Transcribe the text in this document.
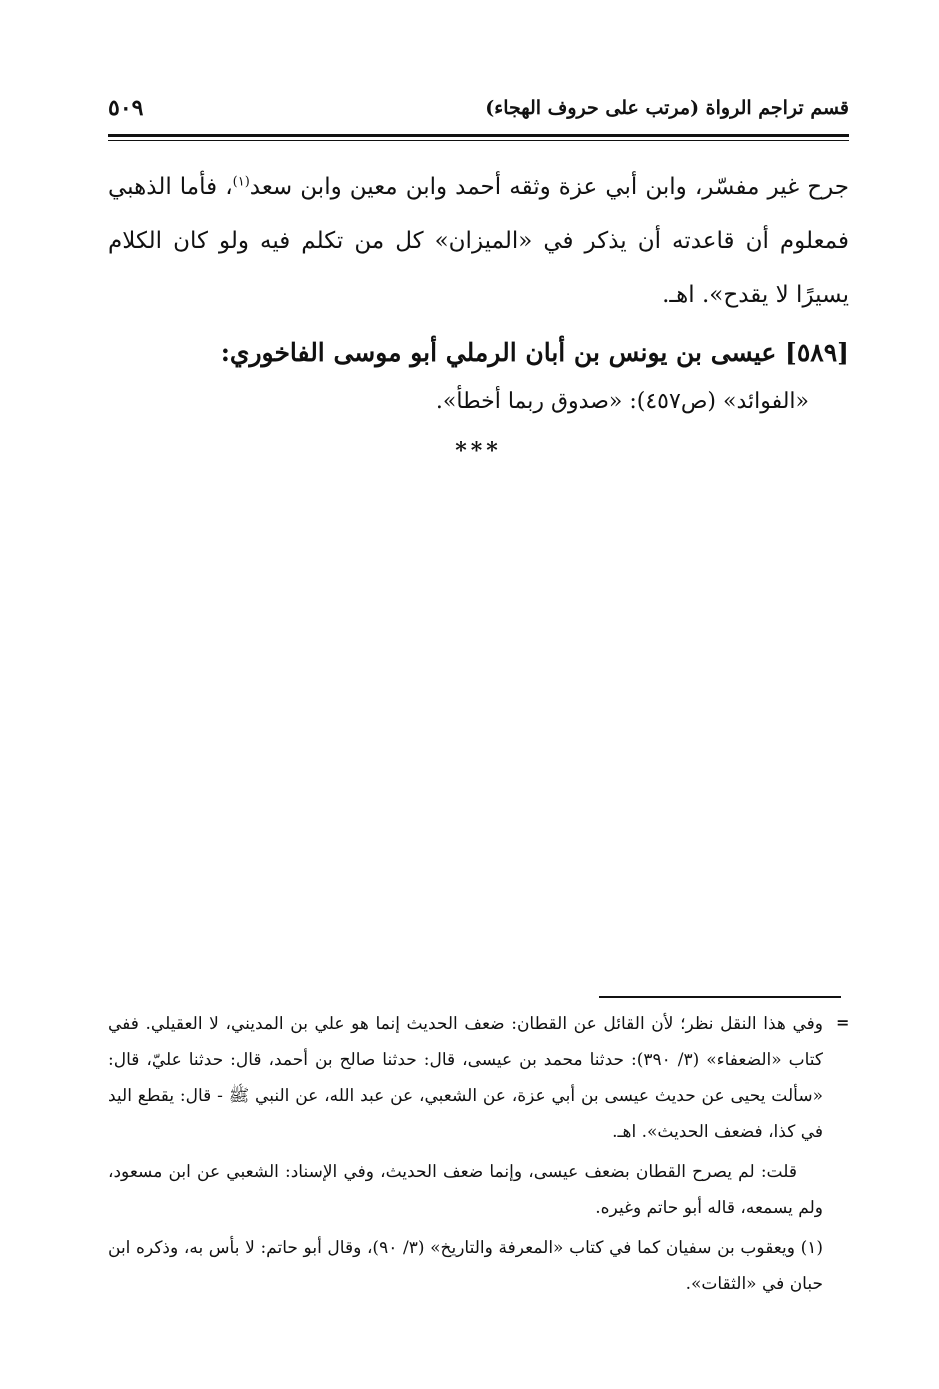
قسم تراجم الرواة (مرتب على حروف الهجاء)
٥٠٩

جرح غير مفسّر، وابن أبي عزة وثقه أحمد وابن معين وابن سعد$^{(١)}$، فأما الذهبي فمعلوم أن قاعدته أن يذكر في «الميزان» كل من تكلم فيه ولو كان الكلام يسيرًا لا يقدح». اهـ.

[٥٨٩] عيسى بن يونس بن أبان الرملي أبو موسى الفاخوري:

«الفوائد» (ص٤٥٧): «صدوق ربما أخطأ».

***
=

وفي هذا النقل نظر؛ لأن القائل عن القطان: ضعف الحديث إنما هو علي بن المديني، لا العقيلي. ففي كتاب «الضعفاء» (٣/ ٣٩٠): حدثنا محمد بن عيسى، قال: حدثنا صالح بن أحمد، قال: حدثنا عليّ، قال: «سألت يحيى عن حديث عيسى بن أبي عزة، عن الشعبي، عن عبد الله، عن النبي ﷺ - قال: يقطع اليد في كذا، فضعف الحديث». اهـ.

قلت: لم يصرح القطان بضعف عيسى، وإنما ضعف الحديث، وفي الإسناد: الشعبي عن ابن مسعود، ولم يسمعه، قاله أبو حاتم وغيره.

(١) ويعقوب بن سفيان كما في كتاب «المعرفة والتاريخ» (٣/ ٩٠)، وقال أبو حاتم: لا بأس به، وذكره ابن حبان في «الثقات».
